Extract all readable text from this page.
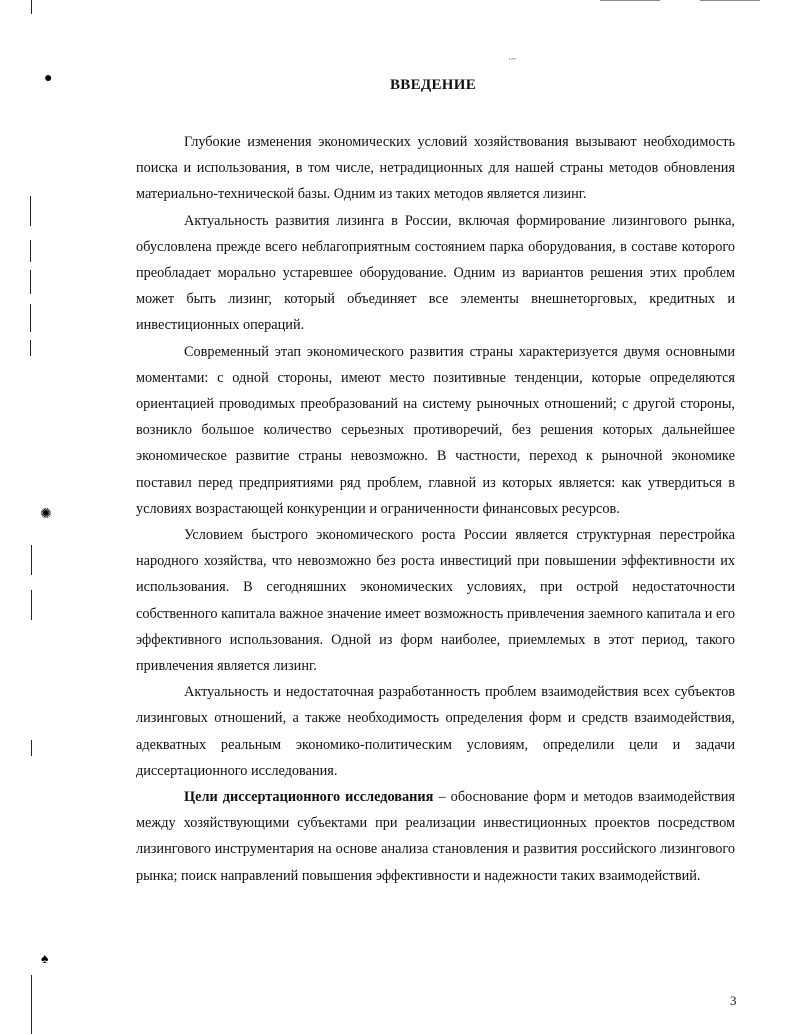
●
✺
♠
·~
ВВЕДЕНИЕ

Глубокие изменения экономических условий хозяйствования вызывают необходимость поиска и использования, в том числе, нетрадиционных для нашей страны методов обновления материально-технической базы. Одним из таких методов является лизинг.

Актуальность развития лизинга в России, включая формирование лизингового рынка, обусловлена прежде всего неблагоприятным состоянием парка оборудования, в составе которого преобладает морально устаревшее оборудование. Одним из вариантов решения этих проблем может быть лизинг, который объединяет все элементы внешнеторговых, кредитных и инвестиционных операций.

Современный этап экономического развития страны характеризуется двумя основными моментами: с одной стороны, имеют место позитивные тенденции, которые определяются ориентацией проводимых преобразований на систему рыночных отношений; с другой стороны, возникло большое количество серьезных противоречий, без решения которых дальнейшее экономическое развитие страны невозможно. В частности, переход к рыночной экономике поставил перед предприятиями ряд проблем, главной из которых является: как утвердиться в условиях возрастающей конкуренции и ограниченности финансовых ресурсов.

Условием быстрого экономического роста России является структурная перестройка народного хозяйства, что невозможно без роста инвестиций при повышении эффективности их использования. В сегодняшних экономических условиях, при острой недостаточности собственного капитала важное значение имеет возможность привлечения заемного капитала и его эффективного использования. Одной из форм наиболее, приемлемых в этот период, такого привлечения является лизинг.

Актуальность и недостаточная разработанность проблем взаимодействия всех субъектов лизинговых отношений, а также необходимость определения форм и средств взаимодействия, адекватных реальным экономико-политическим условиям, определили цели и задачи диссертационного исследования.

Цели диссертационного исследования – обоснование форм и методов взаимодействия между хозяйствующими субъектами при реализации инвестиционных проектов посредством лизингового инструментария на основе анализа становления и развития российского лизингового рынка; поиск направлений повышения эффективности и надежности таких взаимодействий.

3
